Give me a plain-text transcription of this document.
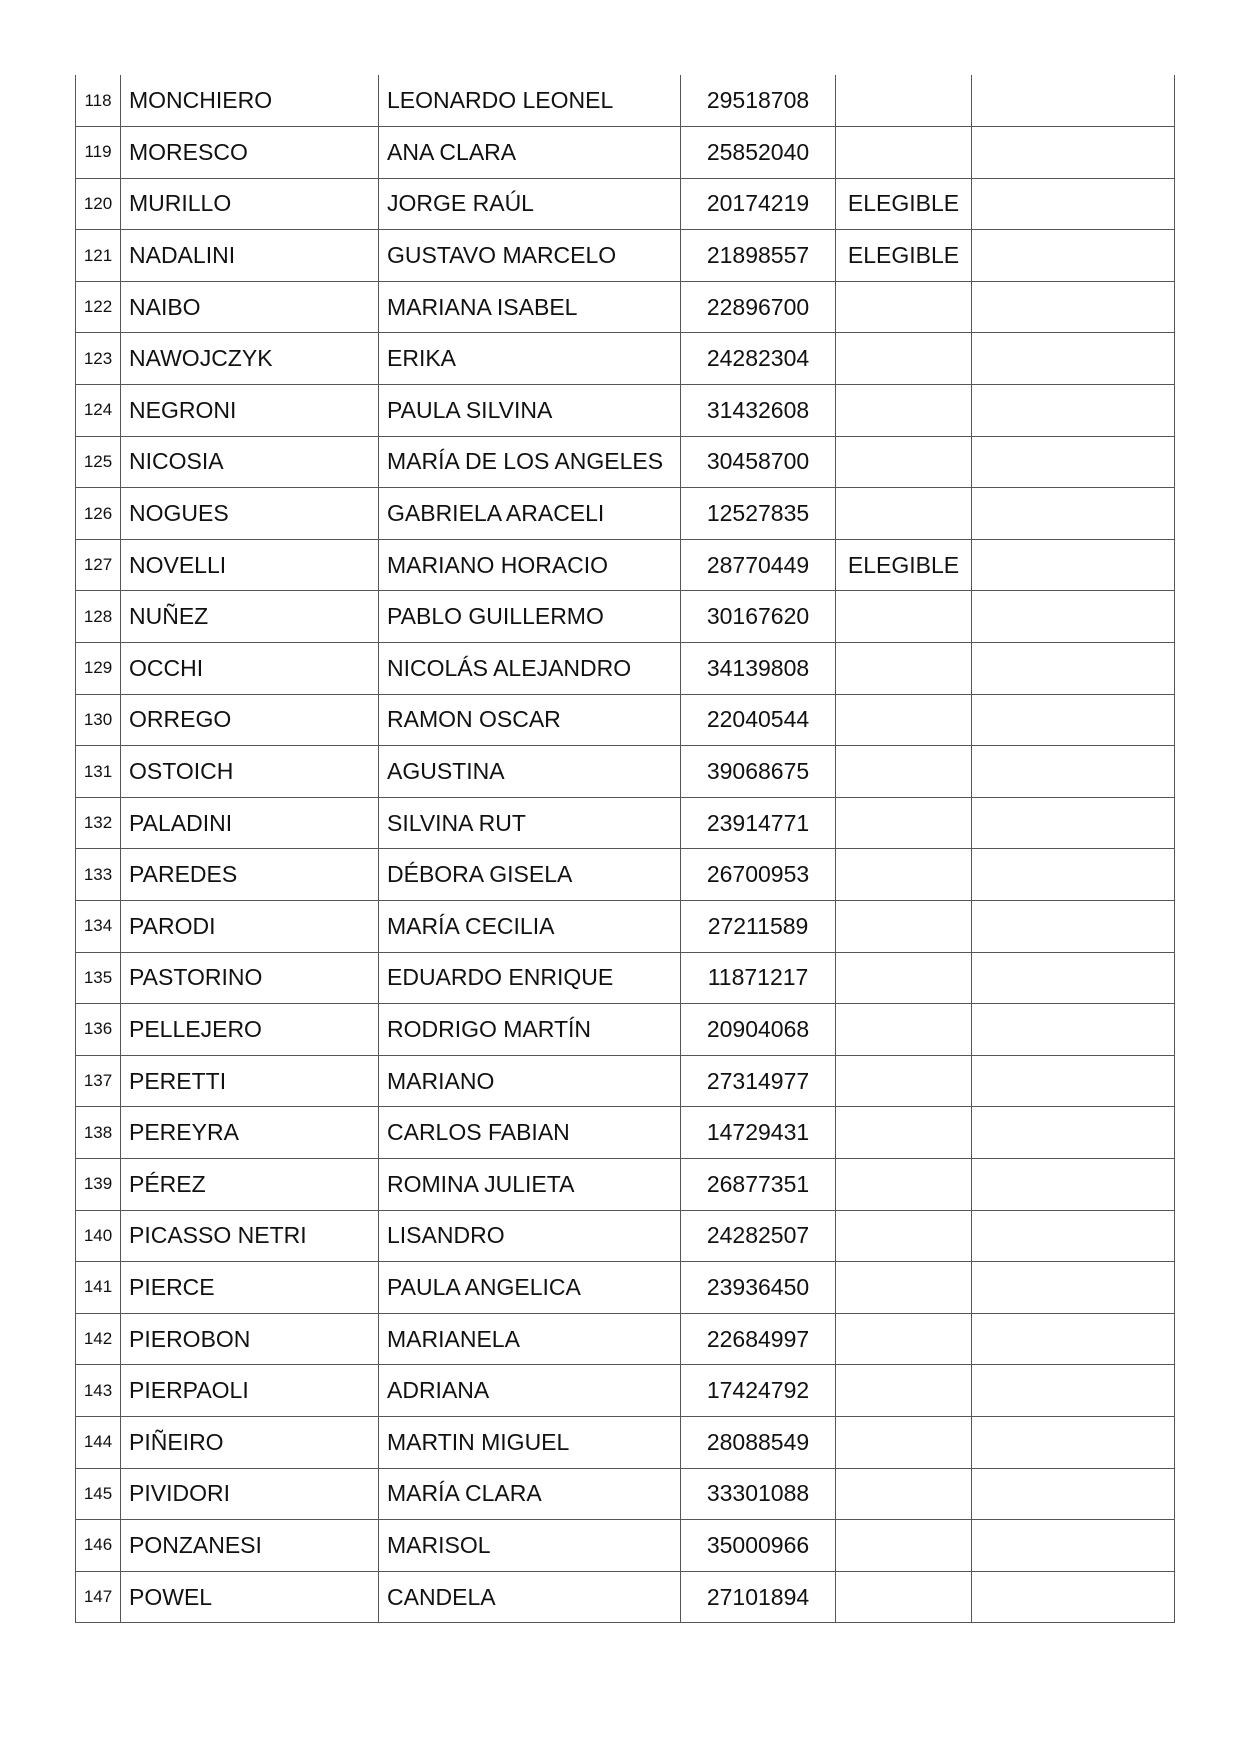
118	MONCHIERO	LEONARDO LEONEL	29518708		
119	MORESCO	ANA CLARA	25852040		
120	MURILLO	JORGE RAÚL	20174219	ELEGIBLE	
121	NADALINI	GUSTAVO MARCELO	21898557	ELEGIBLE	
122	NAIBO	MARIANA ISABEL	22896700		
123	NAWOJCZYK	ERIKA	24282304		
124	NEGRONI	PAULA SILVINA	31432608		
125	NICOSIA	MARÍA DE LOS ANGELES	30458700		
126	NOGUES	GABRIELA ARACELI	12527835		
127	NOVELLI	MARIANO HORACIO	28770449	ELEGIBLE	
128	NUÑEZ	PABLO GUILLERMO	30167620		
129	OCCHI	NICOLÁS ALEJANDRO	34139808		
130	ORREGO	RAMON OSCAR	22040544		
131	OSTOICH	AGUSTINA	39068675		
132	PALADINI	SILVINA RUT	23914771		
133	PAREDES	DÉBORA GISELA	26700953		
134	PARODI	MARÍA CECILIA	27211589		
135	PASTORINO	EDUARDO ENRIQUE	11871217		
136	PELLEJERO	RODRIGO MARTÍN	20904068		
137	PERETTI	MARIANO	27314977		
138	PEREYRA	CARLOS FABIAN	14729431		
139	PÉREZ	ROMINA JULIETA	26877351		
140	PICASSO NETRI	LISANDRO	24282507		
141	PIERCE	PAULA ANGELICA	23936450		
142	PIEROBON	MARIANELA	22684997		
143	PIERPAOLI	ADRIANA	17424792		
144	PIÑEIRO	MARTIN MIGUEL	28088549		
145	PIVIDORI	MARÍA CLARA	33301088		
146	PONZANESI	MARISOL	35000966		
147	POWEL	CANDELA	27101894		
